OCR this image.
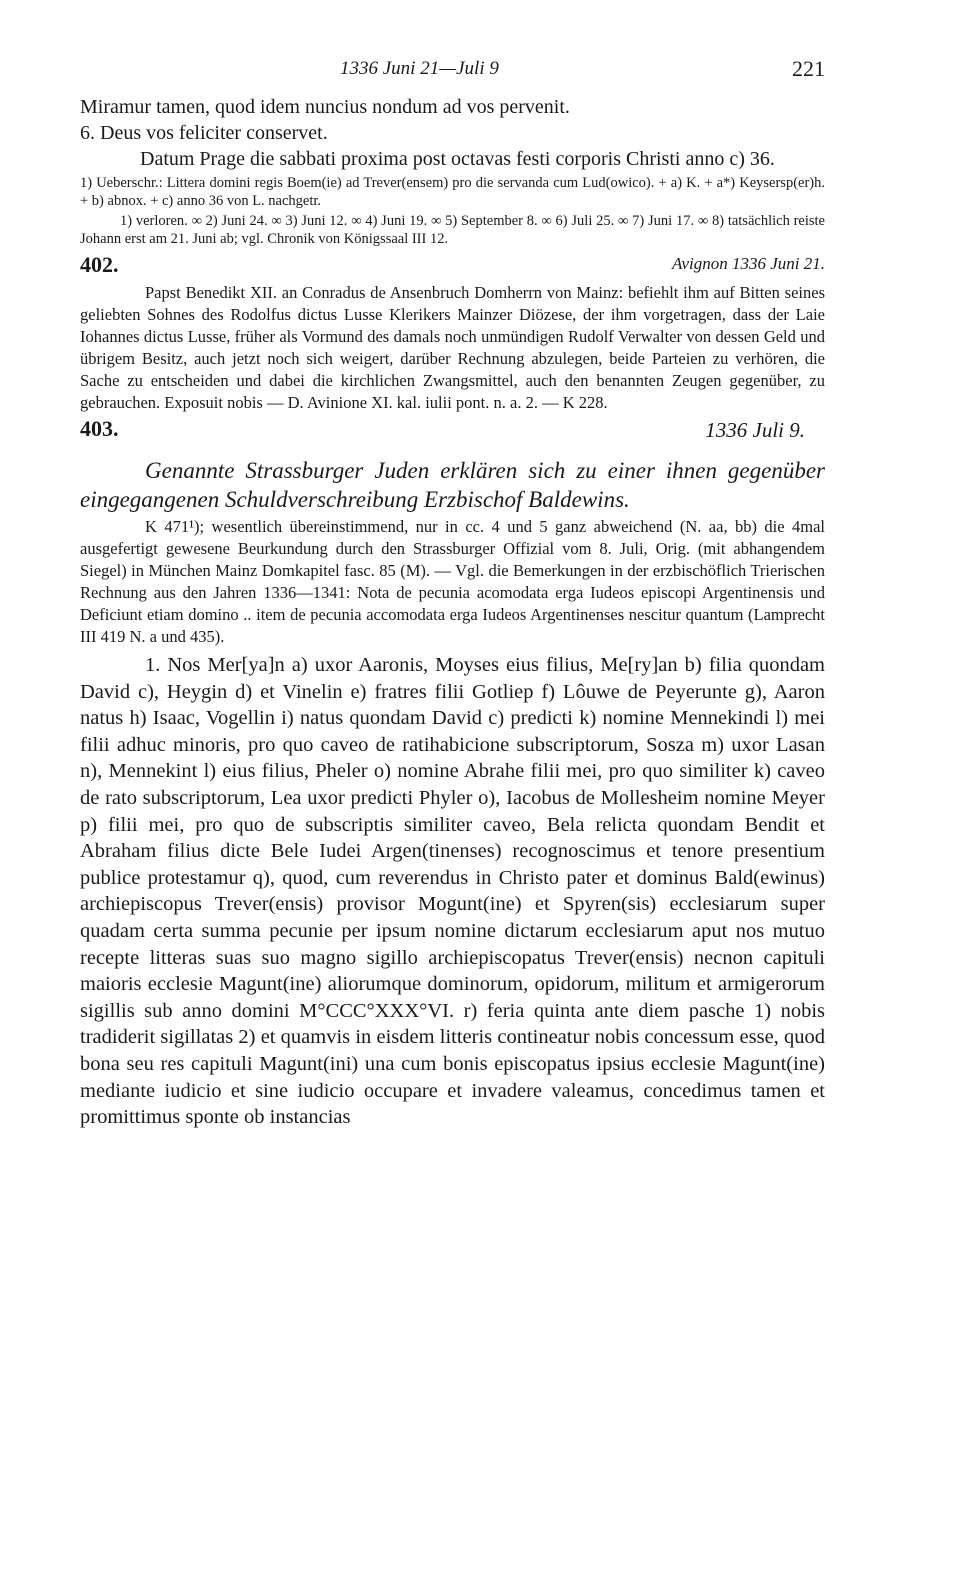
1336 Juni 21—Juli 9	221

Miramur tamen, quod idem nuncius nondum ad vos pervenit.

6. Deus vos feliciter conservet.

Datum Prage die sabbati proxima post octavas festi corporis Christi anno c) 36.

1) Ueberschr.: Littera domini regis Boem(ie) ad Trever(ensem) pro die servanda cum Lud(owico). + a) K. + a*) Keysersp(er)h. + b) abnox. + c) anno 36 von L. nachgetr.

1) verloren. ∞ 2) Juni 24. ∞ 3) Juni 12. ∞ 4) Juni 19. ∞ 5) September 8. ∞ 6) Juli 25. ∞ 7) Juni 17. ∞ 8) tatsächlich reiste Johann erst am 21. Juni ab; vgl. Chronik von Königssaal III 12.

402.	Avignon 1336 Juni 21.

Papst Benedikt XII. an Conradus de Ansenbruch Domherrn von Mainz: befiehlt ihm auf Bitten seines geliebten Sohnes des Rodolfus dictus Lusse Klerikers Mainzer Diözese, der ihm vorgetragen, dass der Laie Iohannes dictus Lusse, früher als Vormund des damals noch unmündigen Rudolf Verwalter von dessen Geld und übrigem Besitz, auch jetzt noch sich weigert, darüber Rechnung abzulegen, beide Parteien zu verhören, die Sache zu entscheiden und dabei die kirchlichen Zwangsmittel, auch den benannten Zeugen gegenüber, zu gebrauchen. Exposuit nobis — D. Avinione XI. kal. iulii pont. n. a. 2. — K 228.

403.	1336 Juli 9.

Genannte Strassburger Juden erklären sich zu einer ihnen gegenüber eingegangenen Schuldverschreibung Erzbischof Baldewins.

K 471¹); wesentlich übereinstimmend, nur in cc. 4 und 5 ganz abweichend (N. aa, bb) die 4mal ausgefertigt gewesene Beurkundung durch den Strassburger Offizial vom 8. Juli, Orig. (mit abhangendem Siegel) in München Mainz Domkapitel fasc. 85 (M). — Vgl. die Bemerkungen in der erzbischöflich Trierischen Rechnung aus den Jahren 1336—1341: Nota de pecunia acomodata erga Iudeos episcopi Argentinensis und Deficiunt etiam domino .. item de pecunia accomodata erga Iudeos Argentinenses nescitur quantum (Lamprecht III 419 N. a und 435).

1. Nos Mer[ya]n a) uxor Aaronis, Moyses eius filius, Me[ry]an b) filia quondam David c), Heygin d) et Vinelin e) fratres filii Gotliep f) Lôuwe de Peyerunte g), Aaron natus h) Isaac, Vogellin i) natus quondam David c) predicti k) nomine Mennekindi l) mei filii adhuc minoris, pro quo caveo de ratihabicione subscriptorum, Sosza m) uxor Lasan n), Mennekint l) eius filius, Pheler o) nomine Abrahe filii mei, pro quo similiter k) caveo de rato subscriptorum, Lea uxor predicti Phyler o), Iacobus de Mollesheim nomine Meyer p) filii mei, pro quo de subscriptis similiter caveo, Bela relicta quondam Bendit et Abraham filius dicte Bele Iudei Argen(tinenses) recognoscimus et tenore presentium publice protestamur q), quod, cum reverendus in Christo pater et dominus Bald(ewinus) archiepiscopus Trever(ensis) provisor Mogunt(ine) et Spyren(sis) ecclesiarum super quadam certa summa pecunie per ipsum nomine dictarum ecclesiarum aput nos mutuo recepte litteras suas suo magno sigillo archiepiscopatus Trever(ensis) necnon capituli maioris ecclesie Magunt(ine) aliorumque dominorum, opidorum, militum et armigerorum sigillis sub anno domini M°CCC°XXX°VI. r) feria quinta ante diem pasche 1) nobis tradiderit sigillatas 2) et quamvis in eisdem litteris contineatur nobis concessum esse, quod bona seu res capituli Magunt(ini) una cum bonis episcopatus ipsius ecclesie Magunt(ine) mediante iudicio et sine iudicio occupare et invadere valeamus, concedimus tamen et promittimus sponte ob instancias
